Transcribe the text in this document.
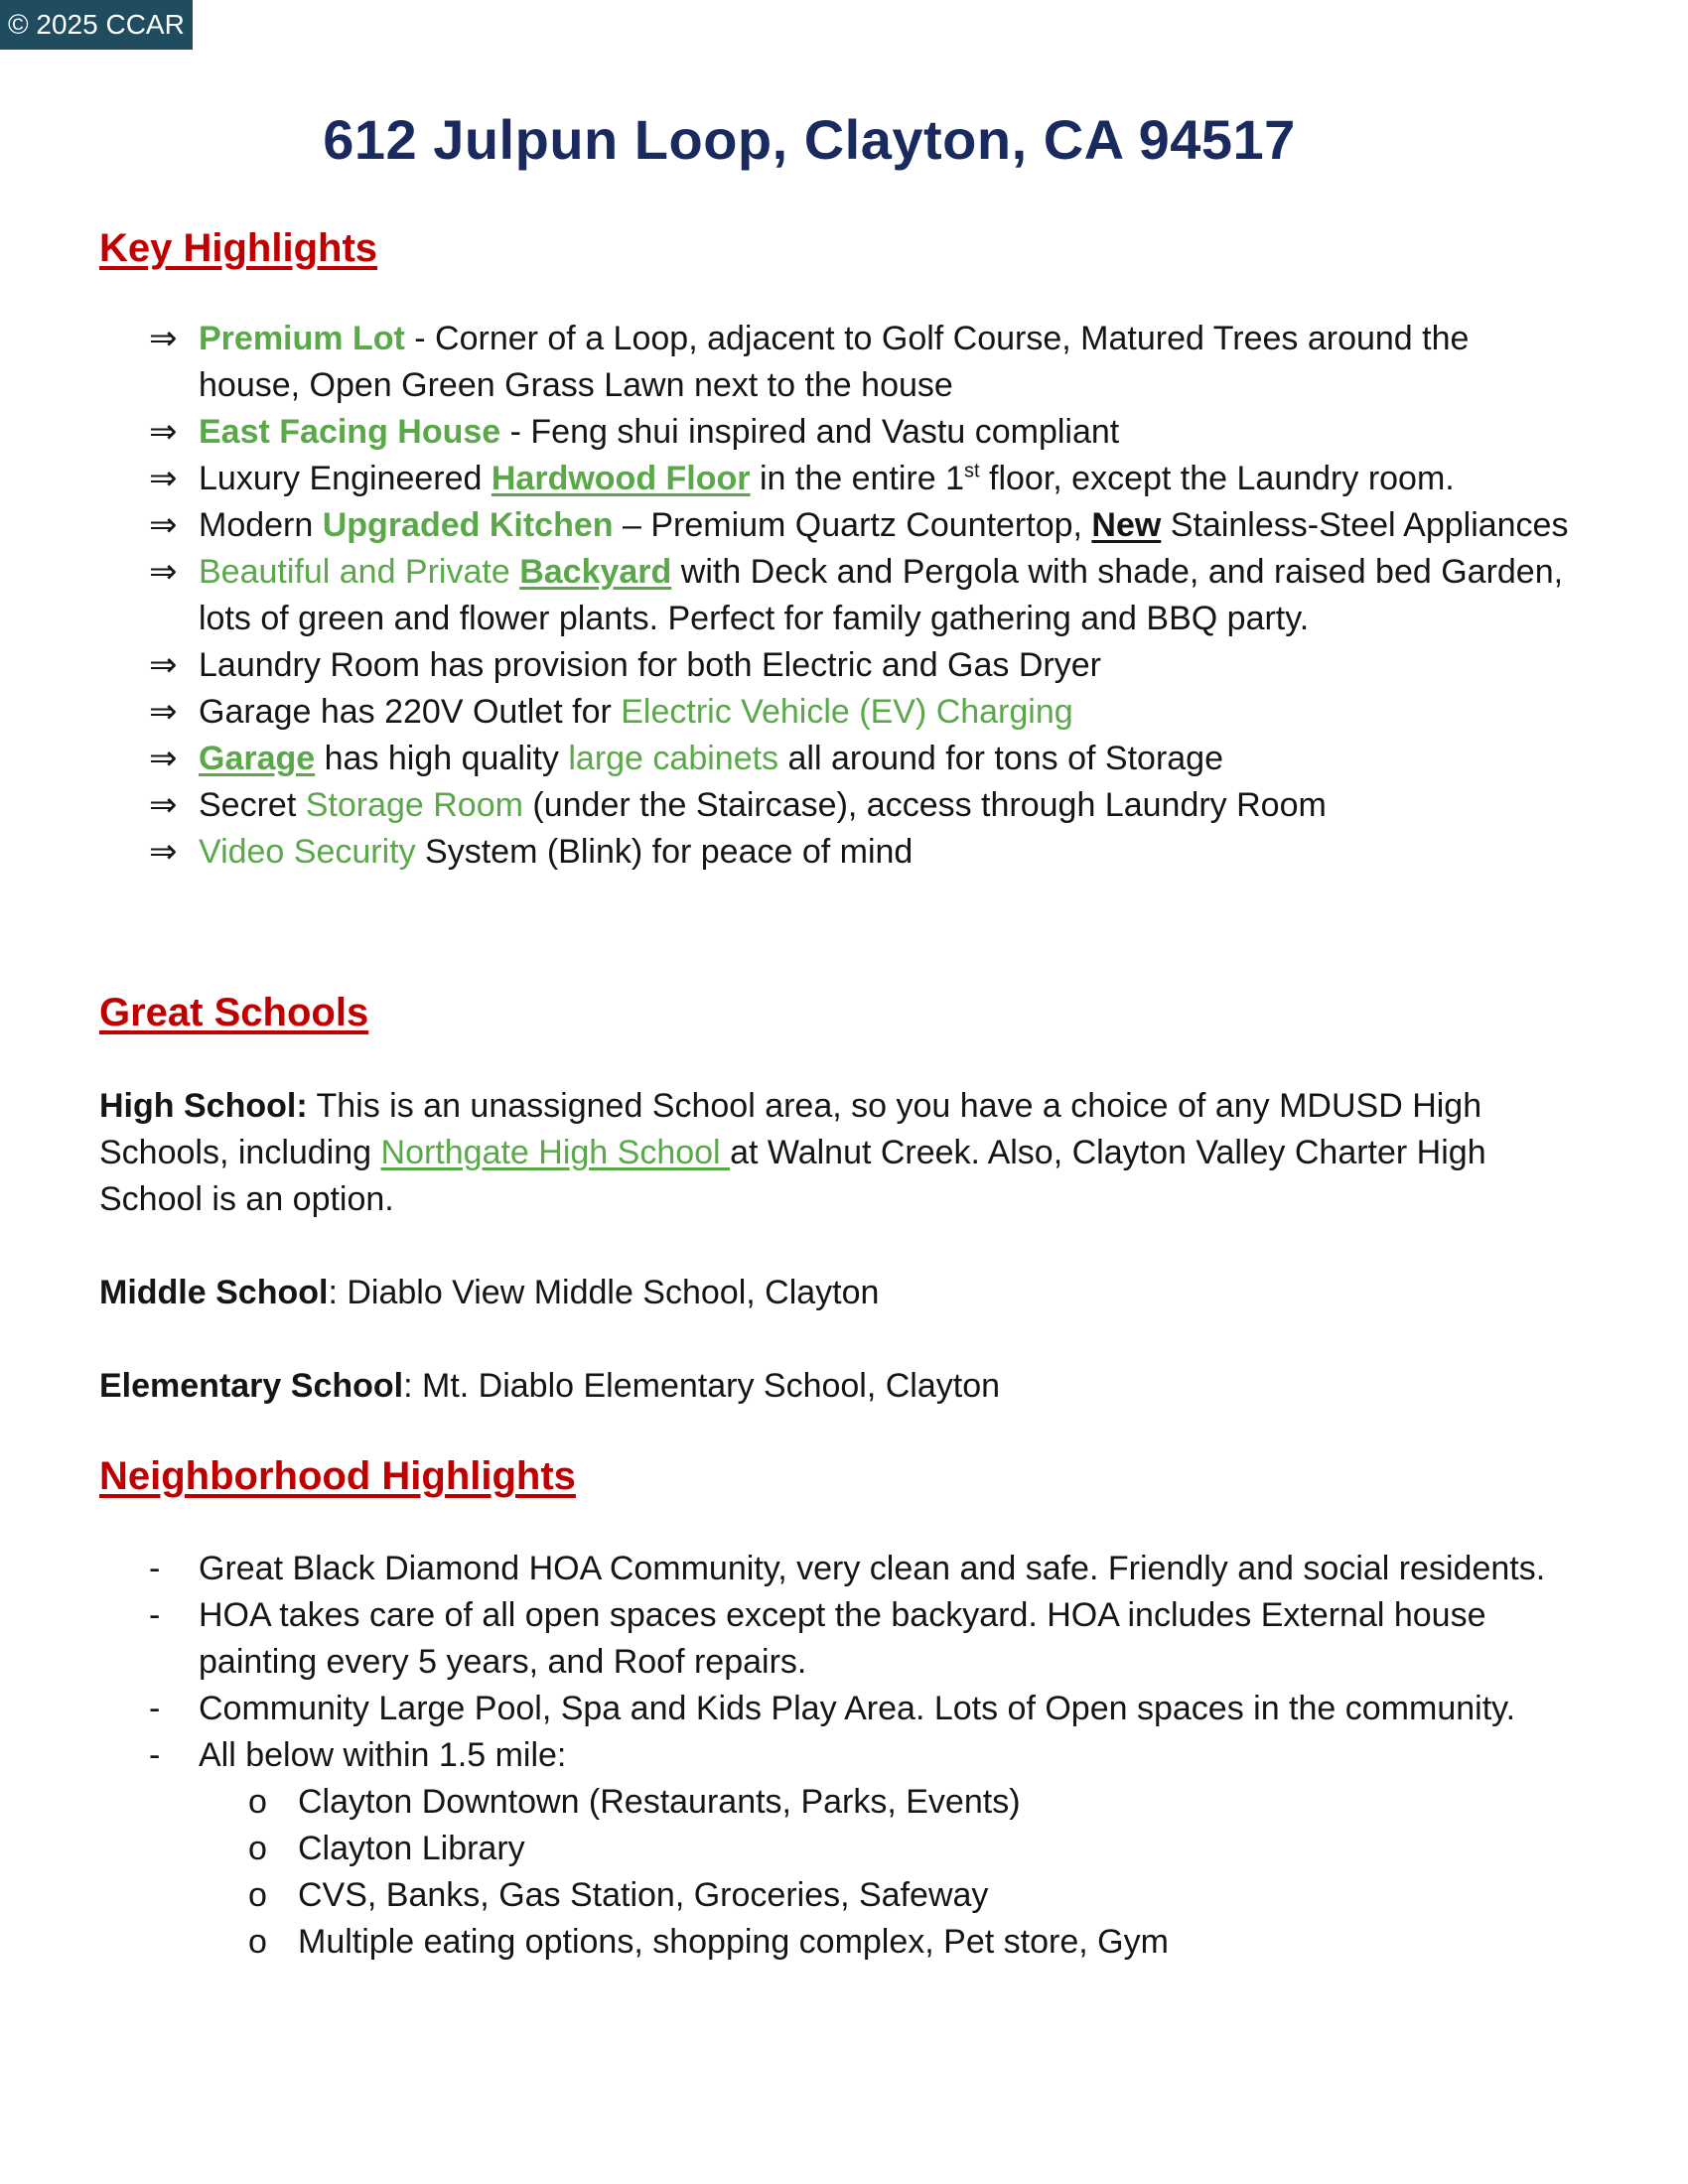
© 2025 CCAR
612 Julpun Loop, Clayton, CA 94517
Key Highlights
⇒ Premium Lot - Corner of a Loop, adjacent to Golf Course, Matured Trees around the house, Open Green Grass Lawn next to the house
⇒ East Facing House - Feng shui inspired and Vastu compliant
⇒ Luxury Engineered Hardwood Floor in the entire 1st floor, except the Laundry room.
⇒ Modern Upgraded Kitchen – Premium Quartz Countertop, New Stainless-Steel Appliances
⇒ Beautiful and Private Backyard with Deck and Pergola with shade, and raised bed Garden, lots of green and flower plants. Perfect for family gathering and BBQ party.
⇒ Laundry Room has provision for both Electric and Gas Dryer
⇒ Garage has 220V Outlet for Electric Vehicle (EV) Charging
⇒ Garage has high quality large cabinets all around for tons of Storage
⇒ Secret Storage Room (under the Staircase), access through Laundry Room
⇒ Video Security System (Blink) for peace of mind
Great Schools
High School: This is an unassigned School area, so you have a choice of any MDUSD High Schools, including Northgate High School at Walnut Creek. Also, Clayton Valley Charter High School is an option.
Middle School: Diablo View Middle School, Clayton
Elementary School: Mt. Diablo Elementary School, Clayton
Neighborhood Highlights
- Great Black Diamond HOA Community, very clean and safe. Friendly and social residents.
- HOA takes care of all open spaces except the backyard. HOA includes External house painting every 5 years, and Roof repairs.
- Community Large Pool, Spa and Kids Play Area. Lots of Open spaces in the community.
- All below within 1.5 mile:
o Clayton Downtown (Restaurants, Parks, Events)
o Clayton Library
o CVS, Banks, Gas Station, Groceries, Safeway
o Multiple eating options, shopping complex, Pet store, Gym
